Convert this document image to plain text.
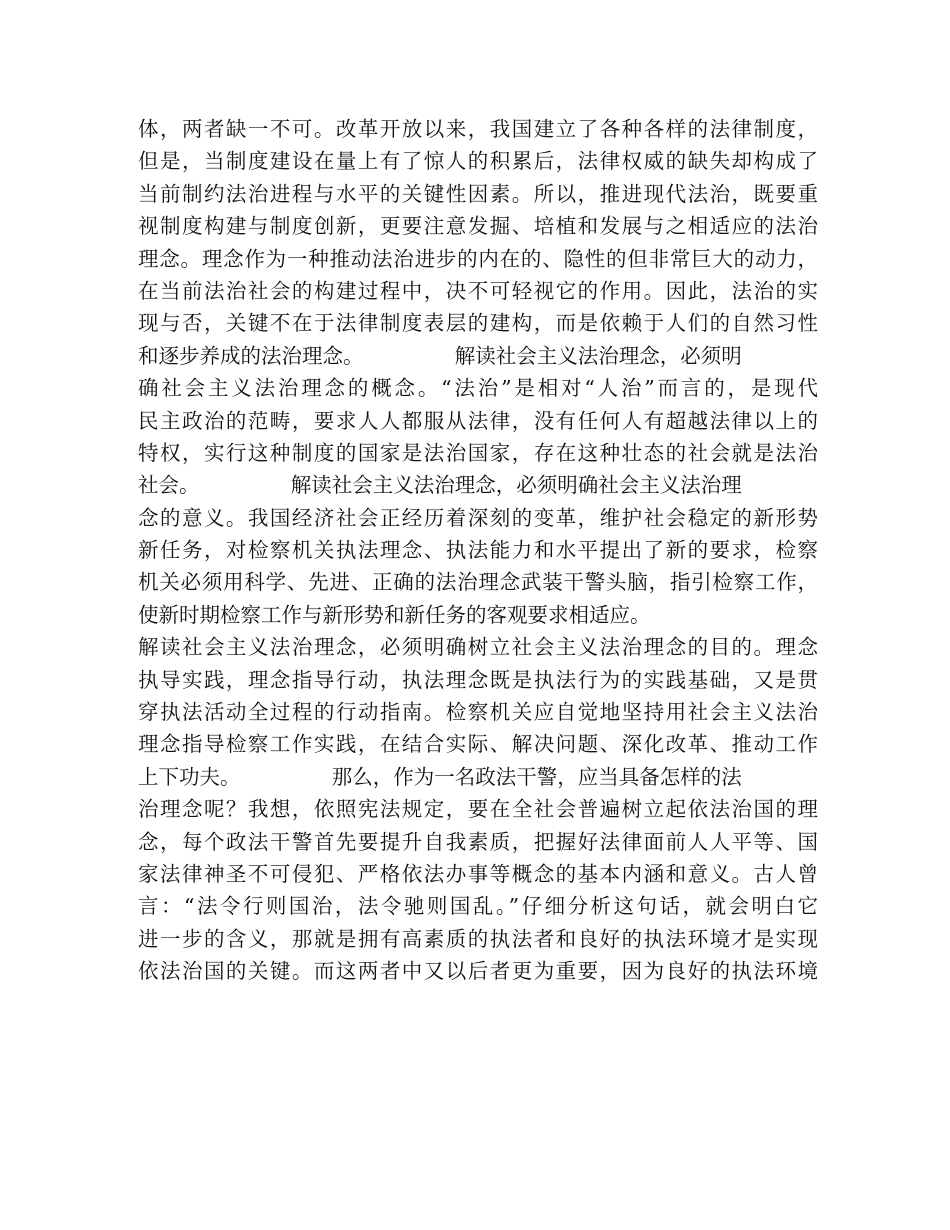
体，两者缺一不可。改革开放以来，我国建立了各种各样的法律制度，
但是，当制度建设在量上有了惊人的积累后，法律权威的缺失却构成了
当前制约法治进程与水平的关键性因素。所以，推进现代法治，既要重
视制度构建与制度创新，更要注意发掘、培植和发展与之相适应的法治
理念。理念作为一种推动法治进步的内在的、隐性的但非常巨大的动力，
在当前法治社会的构建过程中，决不可轻视它的作用。因此，法治的实
现与否，关键不在于法律制度表层的建构，而是依赖于人们的自然习性
和逐步养成的法治理念。              解读社会主义法治理念，必须明
确社会主义法治理念的概念。“法治”是相对“人治”而言的，是现代
民主政治的范畴，要求人人都服从法律，没有任何人有超越法律以上的
特权，实行这种制度的国家是法治国家，存在这种壮态的社会就是法治
社会。              解读社会主义法治理念，必须明确社会主义法治理
念的意义。我国经济社会正经历着深刻的变革，维护社会稳定的新形势
新任务，对检察机关执法理念、执法能力和水平提出了新的要求，检察
机关必须用科学、先进、正确的法治理念武装干警头脑，指引检察工作，
使新时期检察工作与新形势和新任务的客观要求相适应。
解读社会主义法治理念，必须明确树立社会主义法治理念的目的。理念
执导实践，理念指导行动，执法理念既是执法行为的实践基础，又是贯
穿执法活动全过程的行动指南。检察机关应自觉地坚持用社会主义法治
理念指导检察工作实践，在结合实际、解决问题、深化改革、推动工作
上下功夫。              那么，作为一名政法干警，应当具备怎样的法
治理念呢？我想，依照宪法规定，要在全社会普遍树立起依法治国的理
念，每个政法干警首先要提升自我素质，把握好法律面前人人平等、国
家法律神圣不可侵犯、严格依法办事等概念的基本内涵和意义。古人曾
言：“法令行则国治，法令驰则国乱。”仔细分析这句话，就会明白它
进一步的含义，那就是拥有高素质的执法者和良好的执法环境才是实现
依法治国的关键。而这两者中又以后者更为重要，因为良好的执法环境
